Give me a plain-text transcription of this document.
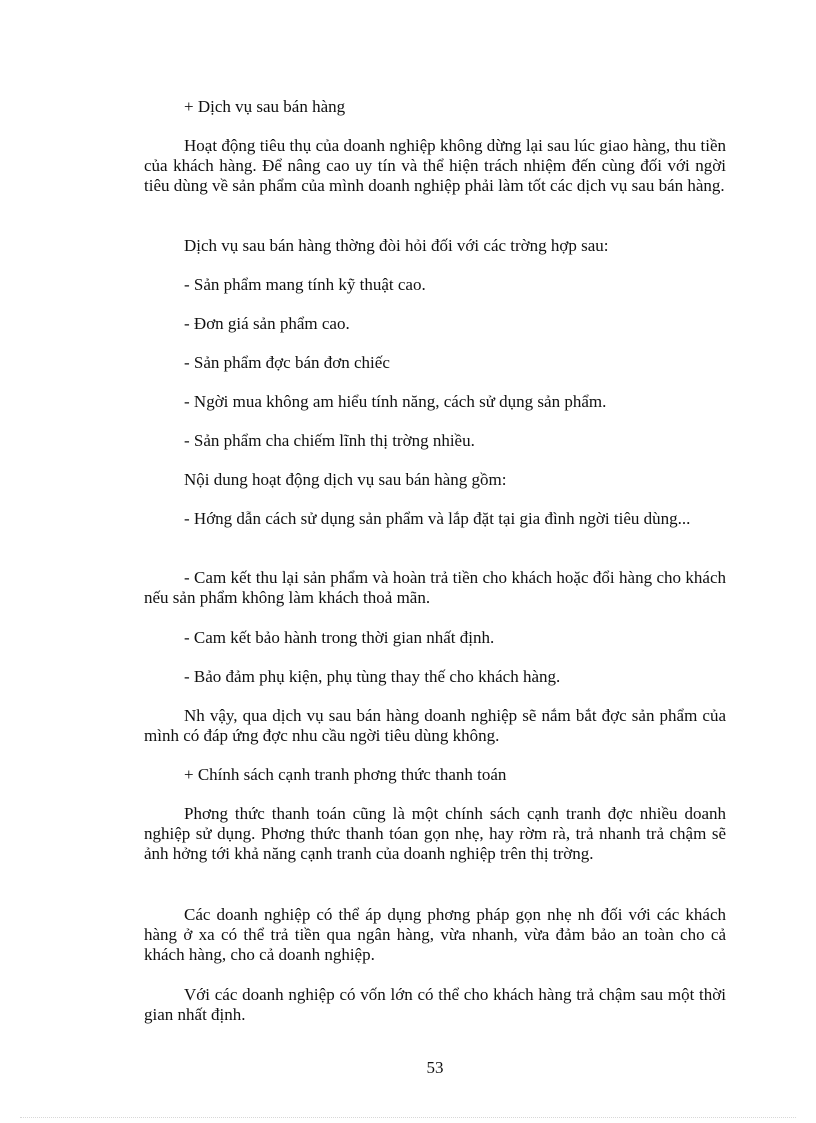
+ Dịch vụ sau bán hàng

Hoạt động tiêu thụ của doanh nghiệp không dừng lại sau lúc giao hàng, thu tiền của khách hàng. Để nâng cao uy tín và thể hiện trách nhiệm đến cùng đối với ngời tiêu dùng về sản phẩm của mình doanh nghiệp phải làm tốt các dịch vụ sau bán hàng.

Dịch vụ sau bán hàng thờng đòi hỏi đối với các trờng hợp sau:

- Sản phẩm mang tính kỹ thuật cao.

- Đơn giá sản phẩm cao.

- Sản phẩm đợc bán đơn chiếc

- Ngời mua không am hiểu tính năng, cách sử dụng sản phẩm.

- Sản phẩm cha chiếm lĩnh thị trờng nhiều.

Nội dung hoạt động dịch vụ sau bán hàng gồm:

- Hớng dẫn cách sử dụng sản phẩm và lắp đặt tại gia đình ngời tiêu dùng...

- Cam kết thu lại sản phẩm và hoàn trả tiền cho khách hoặc đổi hàng cho khách nếu sản phẩm không làm khách thoả mãn.

- Cam kết bảo hành trong thời gian nhất định.

- Bảo đảm phụ kiện, phụ tùng thay thế cho khách hàng.

Nh vậy, qua dịch vụ sau bán hàng doanh nghiệp sẽ nắm bắt đợc sản phẩm của mình có đáp ứng đợc nhu cầu ngời tiêu dùng không.

+ Chính sách cạnh tranh phơng thức thanh toán

Phơng thức thanh toán cũng là một chính sách cạnh tranh đợc nhiều doanh nghiệp sử dụng. Phơng thức thanh tóan gọn nhẹ, hay rờm rà, trả nhanh trả chậm sẽ ảnh hởng tới khả năng cạnh tranh của doanh nghiệp trên thị trờng.

Các doanh nghiệp có thể áp dụng phơng pháp gọn nhẹ nh đối với các khách hàng ở xa có thể trả tiền qua ngân hàng, vừa nhanh, vừa đảm bảo an toàn cho cả khách hàng, cho cả doanh nghiệp.

Với các doanh nghiệp có vốn lớn có thể cho khách hàng trả chậm sau một thời gian nhất định.

53
